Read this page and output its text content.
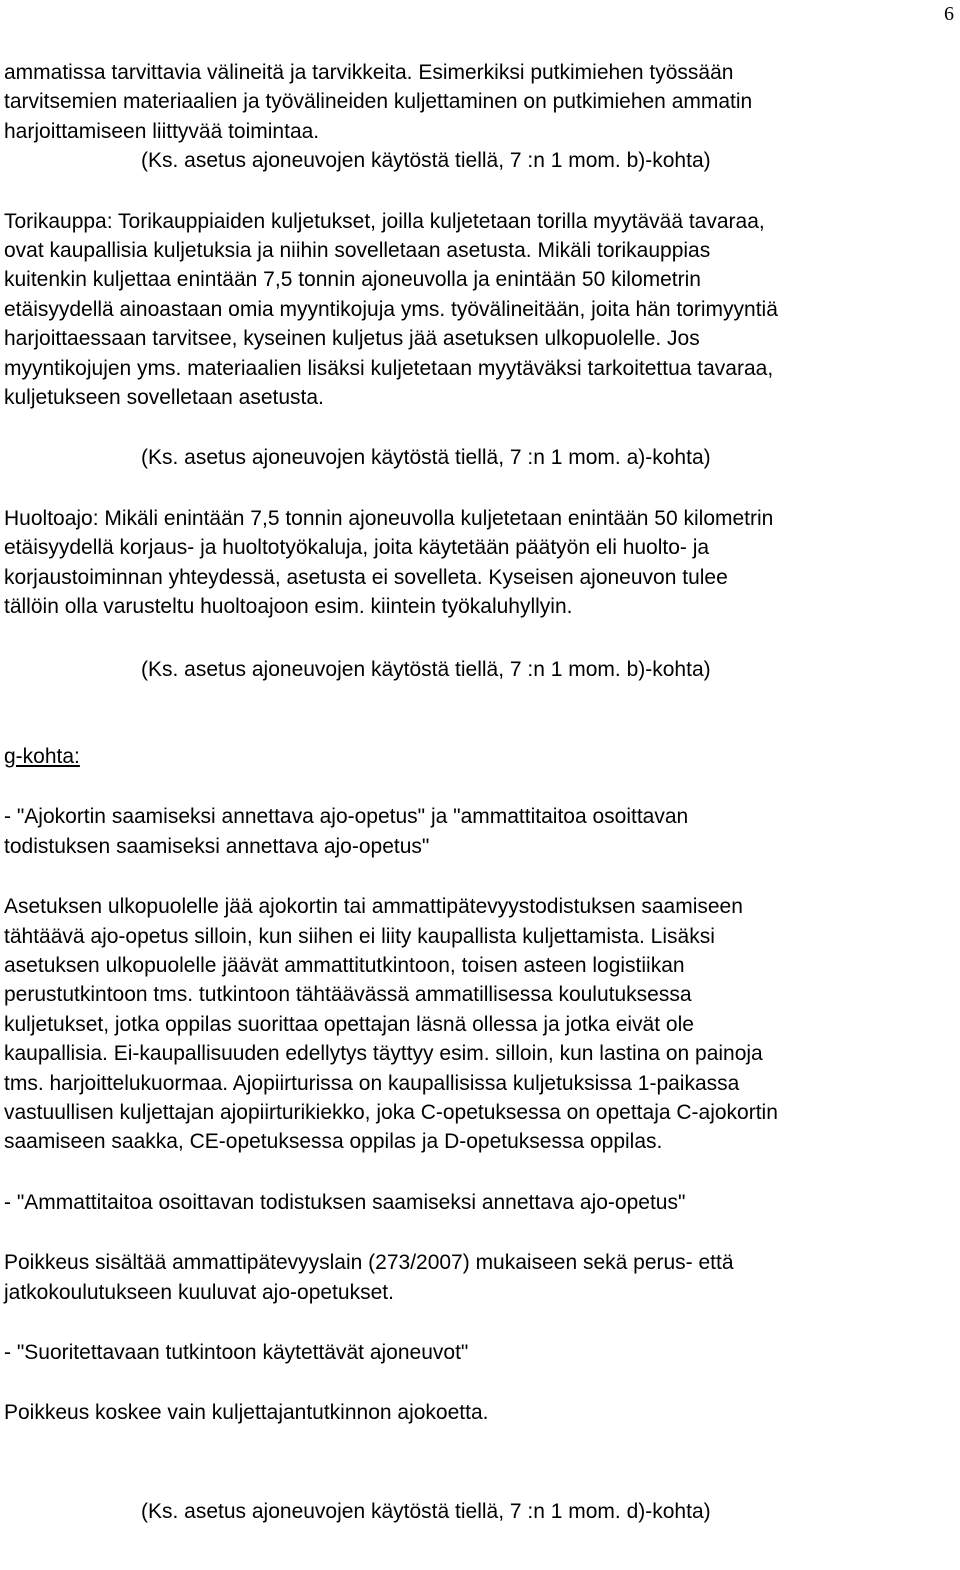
6

ammatissa tarvittavia välineitä ja tarvikkeita. Esimerkiksi putkimiehen työssään
tarvitsemien materiaalien ja työvälineiden kuljettaminen on putkimiehen ammatin
harjoittamiseen liittyvää toimintaa.

(Ks. asetus ajoneuvojen käytöstä tiellä, 7 :n 1 mom. b)-kohta)

Torikauppa: Torikauppiaiden kuljetukset, joilla kuljetetaan torilla myytävää tavaraa,
ovat kaupallisia kuljetuksia ja niihin sovelletaan asetusta. Mikäli torikauppias
kuitenkin kuljettaa enintään 7,5 tonnin ajoneuvolla ja enintään 50 kilometrin
etäisyydellä ainoastaan omia myyntikojuja yms. työvälineitään, joita hän torimyyntiä
harjoittaessaan tarvitsee, kyseinen kuljetus jää asetuksen ulkopuolelle. Jos
myyntikojujen yms. materiaalien lisäksi kuljetetaan myytäväksi tarkoitettua tavaraa,
kuljetukseen sovelletaan asetusta.

(Ks. asetus ajoneuvojen käytöstä tiellä, 7 :n 1 mom. a)-kohta)

Huoltoajo: Mikäli enintään 7,5 tonnin ajoneuvolla kuljetetaan enintään 50 kilometrin
etäisyydellä korjaus- ja huoltotyökaluja, joita käytetään päätyön eli huolto- ja
korjaustoiminnan yhteydessä, asetusta ei sovelleta. Kyseisen ajoneuvon tulee
tällöin olla varusteltu huoltoajoon esim. kiintein työkaluhyllyin.

(Ks. asetus ajoneuvojen käytöstä tiellä, 7 :n 1 mom. b)-kohta)

g-kohta:

- "Ajokortin saamiseksi annettava ajo-opetus" ja "ammattitaitoa osoittavan
todistuksen saamiseksi annettava ajo-opetus"

Asetuksen ulkopuolelle jää ajokortin tai ammattipätevyystodistuksen saamiseen
tähtäävä ajo-opetus silloin, kun siihen ei liity kaupallista kuljettamista. Lisäksi
asetuksen ulkopuolelle jäävät ammattitutkintoon, toisen asteen logistiikan
perustutkintoon tms. tutkintoon tähtäävässä ammatillisessa koulutuksessa
kuljetukset, jotka oppilas suorittaa opettajan läsnä ollessa ja jotka eivät ole
kaupallisia. Ei-kaupallisuuden edellytys täyttyy esim. silloin, kun lastina on painoja
tms. harjoittelukuormaa. Ajopiirturissa on kaupallisissa kuljetuksissa 1-paikassa
vastuullisen kuljettajan ajopiirturikiekko, joka C-opetuksessa on opettaja C-ajokortin
saamiseen saakka, CE-opetuksessa oppilas ja D-opetuksessa oppilas.

- "Ammattitaitoa osoittavan todistuksen saamiseksi annettava ajo-opetus"

Poikkeus sisältää ammattipätevyyslain (273/2007) mukaiseen sekä perus- että
jatkokoulutukseen kuuluvat ajo-opetukset.

- "Suoritettavaan tutkintoon käytettävät ajoneuvot"

Poikkeus koskee vain kuljettajantutkinnon ajokoetta.

(Ks. asetus ajoneuvojen käytöstä tiellä, 7 :n 1 mom. d)-kohta)
